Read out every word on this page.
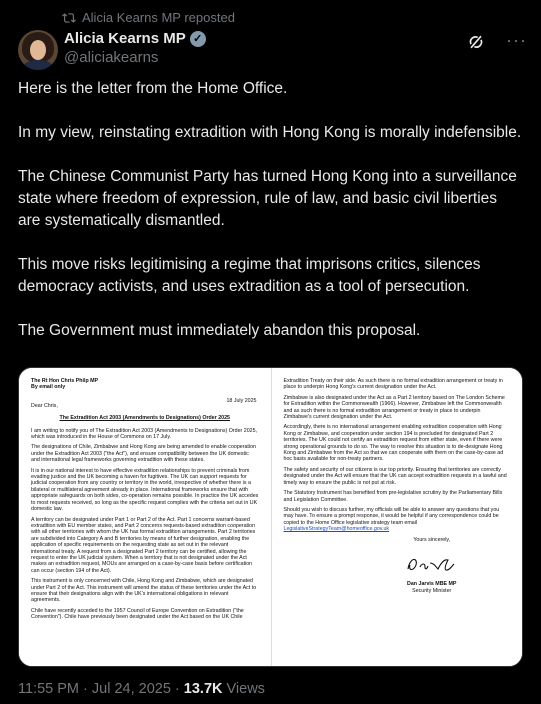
Alicia Kearns MP reposted
Alicia Kearns MP ✓
@aliciakearns
···

Here is the letter from the Home Office.

In my view, reinstating extradition with Hong Kong is morally indefensible.

The Chinese Communist Party has turned Hong Kong into a surveillance state where freedom of expression, rule of law, and basic civil liberties are systematically dismantled.

This move risks legitimising a regime that imprisons critics, silences democracy activists, and uses extradition as a tool of persecution.

The Government must immediately abandon this proposal.

The Rt Hon Chris Philp MP
By email only
18 July 2025

Dear Chris,

The Extradition Act 2003 (Amendments to Designations) Order 2025

I am writing to notify you of The Extradition Act 2003 (Amendments to Designations) Order 2025, which was introduced in the House of Commons on 17 July.

The designations of Chile, Zimbabwe and Hong Kong are being amended to enable cooperation under the Extradition Act 2003 ("the Act"), and ensure compatibility between the UK domestic and international legal frameworks governing extradition with these states.

It is in our national interest to have effective extradition relationships to prevent criminals from evading justice and the UK becoming a haven for fugitives. The UK can support requests for judicial cooperation from any country or territory in the world, irrespective of whether there is a bilateral or multilateral agreement already in place. International frameworks ensure that with appropriate safeguards on both sides, co-operation remains possible. In practice the UK accedes to most requests received, so long as the specific request complies with the criteria set out in UK domestic law.

A territory can be designated under Part 1 or Part 2 of the Act. Part 1 concerns warrant-based extradition with EU member states, and Part 2 concerns requests-based extradition cooperation with all other territories with whom the UK has formal extradition arrangements. Part 2 territories are subdivided into Category A and B territories by means of further designation, enabling the application of specific requirements on the requesting state as set out in the relevant international treaty. A request from a designated Part 2 territory can be certified, allowing the request to enter the UK judicial system. When a territory that is not designated under the Act makes an extradition request, MOUs are arranged on a case-by-case basis before certification can occur (section 194 of the Act).

This instrument is only concerned with Chile, Hong Kong and Zimbabwe, which are designated under Part 2 of the Act. This instrument will amend the status of these territories under the Act to ensure that their designations align with the UK's international obligations in relevant agreements.

Chile have recently acceded to the 1957 Council of Europe Convention on Extradition ("the Convention"). Chile have previously been designated under the Act based on the UK Chile

Extradition Treaty on their side. As such there is no formal extradition arrangement or treaty in place to underpin Hong Kong's current designation under the Act.

Zimbabwe is also designated under the Act as a Part 2 territory based on The London Scheme for Extradition within the Commonwealth (1966). However, Zimbabwe left the Commonwealth and as such there is no formal extradition arrangement or treaty in place to underpin Zimbabwe's current designation under the Act.

Accordingly, there is no international arrangement enabling extradition cooperation with Hong Kong or Zimbabwe, and cooperation under section 194 is precluded for designated Part 2 territories. The UK could not certify an extradition request from either state, even if there were strong operational grounds to do so. The way to resolve this situation is to de-designate Hong Kong and Zimbabwe from the Act so that we can cooperate with them on the case-by-case ad hoc basis available for non-treaty partners.

The safety and security of our citizens is our top priority. Ensuring that territories are correctly designated under the Act will ensure that the UK can accept extradition requests in a lawful and timely way to ensure the public is not put at risk.

The Statutory Instrument has benefited from pre-legislative scrutiny by the Parliamentary Bills and Legislation Committee.

Should you wish to discuss further, my officials will be able to answer any questions that you may have. To ensure a prompt response, it would be helpful if any correspondence could be copied to the Home Office legislative strategy team email LegislativeStrategyTeam@homeoffice.gov.uk

Yours sincerely,
Dan Jarvis MBE MP
Security Minister
11:55 PM · Jul 24, 2025 · 13.7K Views
